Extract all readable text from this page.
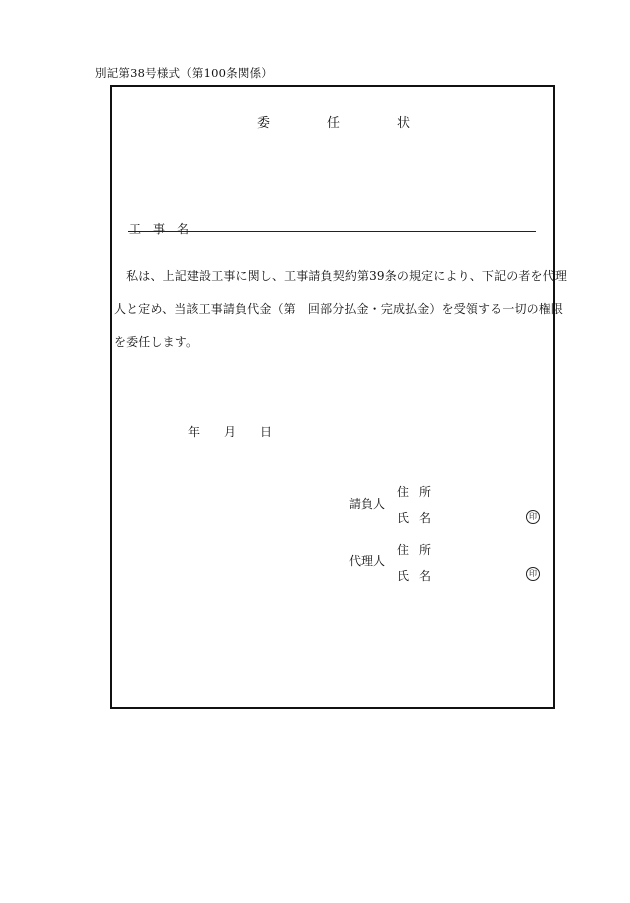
別記第38号様式（第100条関係）
委	任	状
工 事 名
　私は、上記建設工事に関し、工事請負契約第39条の規定により、下記の者を代理
人と定め、当該工事請負代金（第　回部分払金・完成払金）を受領する一切の権限
を委任します。
年 月 日
請負人
住 所
氏 名	印
代理人
住 所
氏 名	印
